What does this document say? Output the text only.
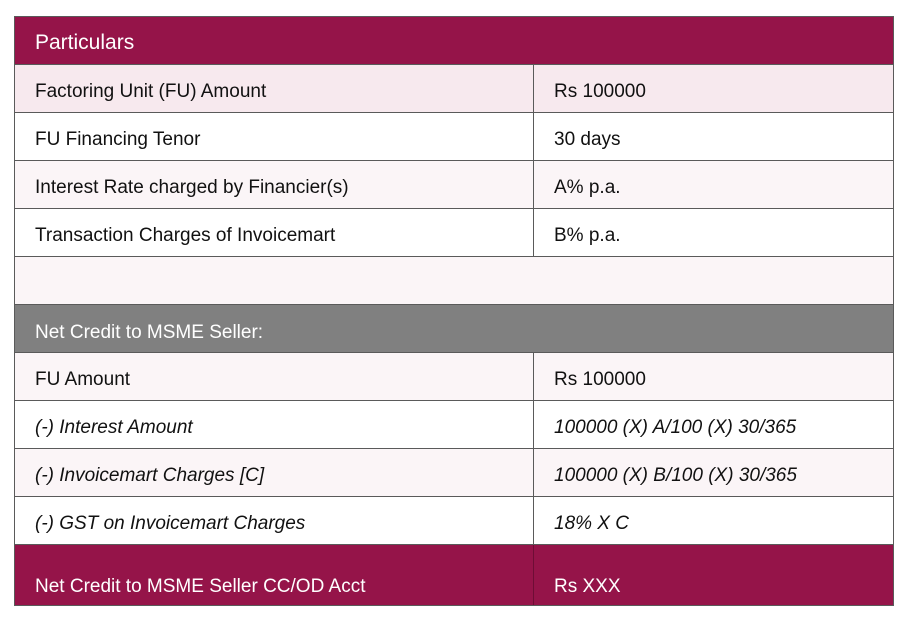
Particulars
Factoring Unit (FU) Amount	Rs 100000
FU Financing Tenor	30 days
Interest Rate charged by Financier(s)	A% p.a.
Transaction Charges of Invoicemart	B% p.a.
Net Credit to MSME Seller:
FU Amount	Rs 100000
(-) Interest Amount	100000 (X) A/100 (X) 30/365
(-) Invoicemart Charges [C]	100000 (X) B/100 (X) 30/365
(-) GST on Invoicemart Charges	18% X C
Net Credit to MSME Seller CC/OD Acct	Rs XXX
